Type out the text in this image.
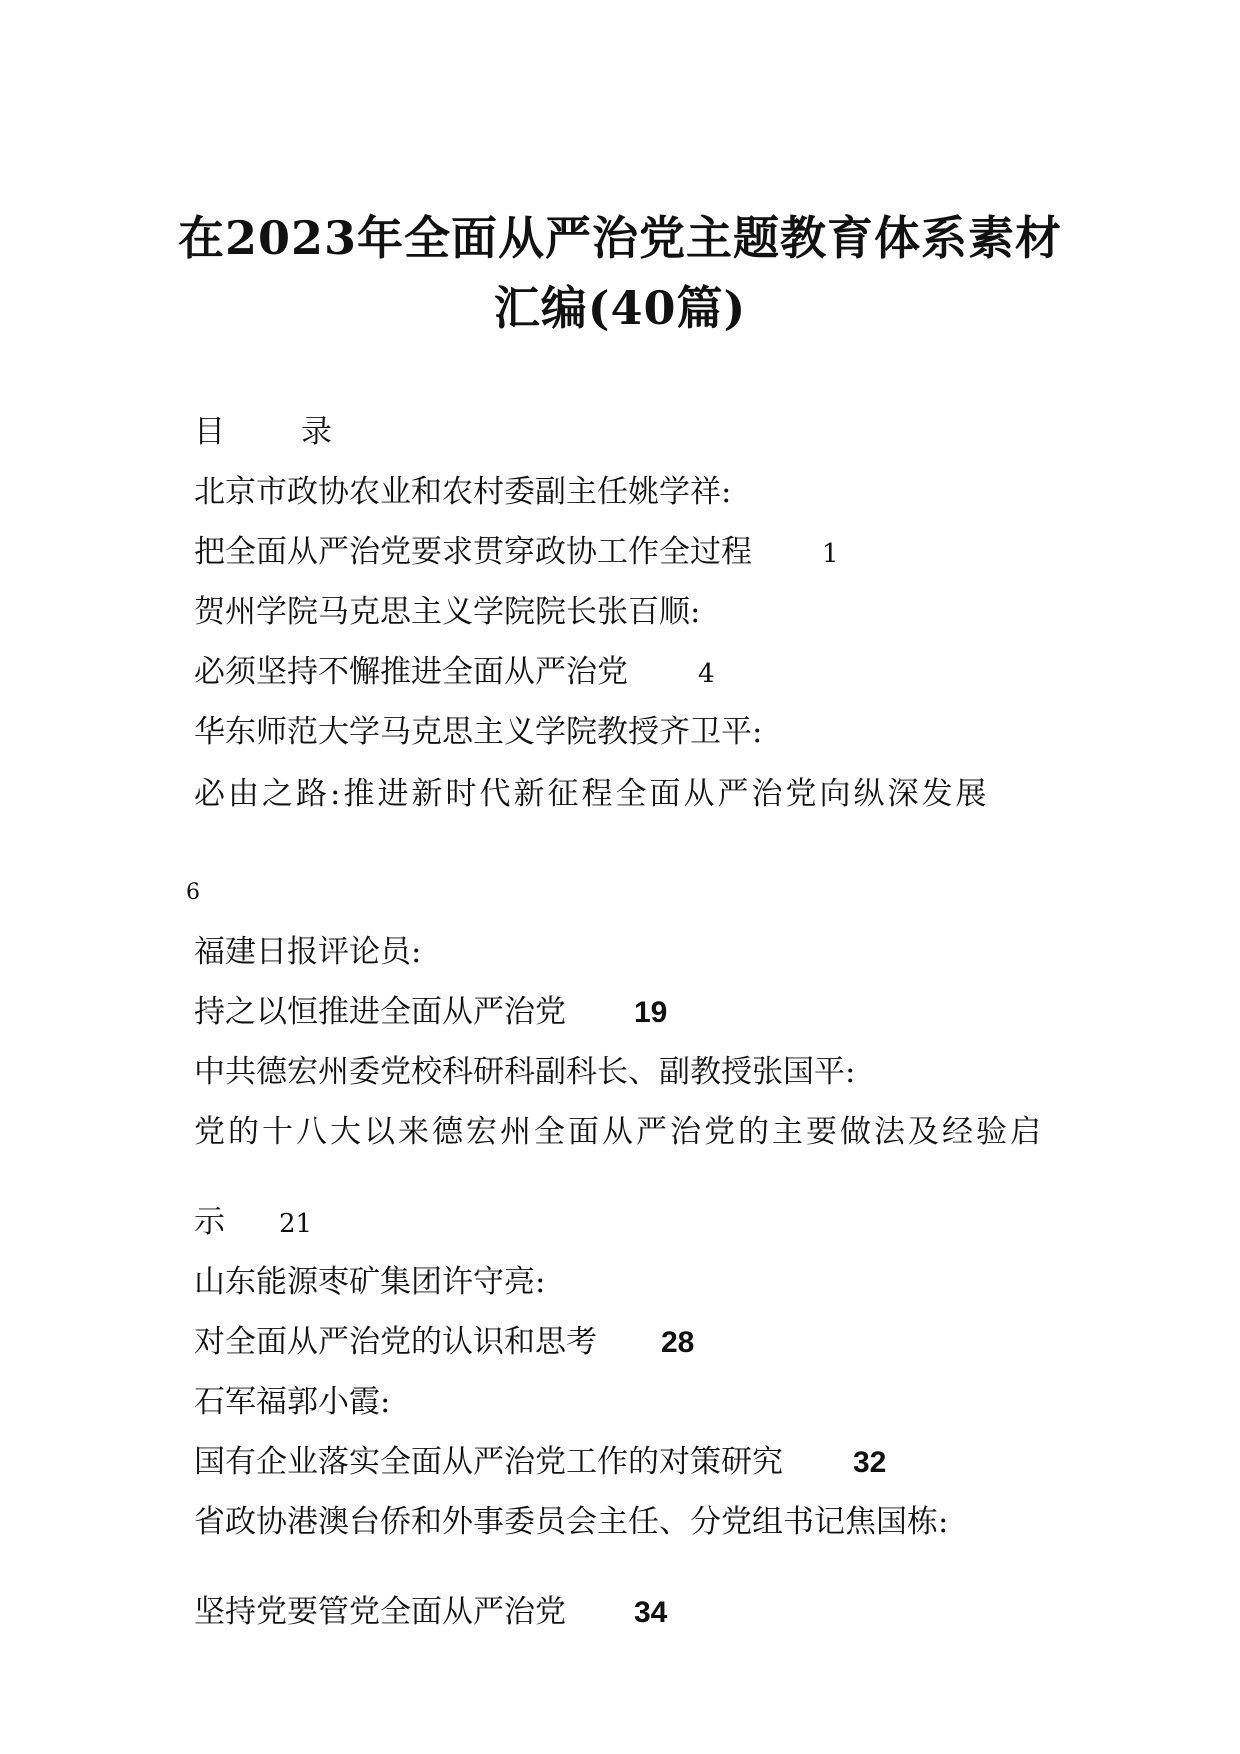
在2023年全面从严治党主题教育体系素材
汇编(40篇)
目 录
北京市政协农业和农村委副主任姚学祥:
把全面从严治党要求贯穿政协工作全过程	1
贺州学院马克思主义学院院长张百顺:
必须坚持不懈推进全面从严治党	4
华东师范大学马克思主义学院教授齐卫平:
必由之路:推进新时代新征程全面从严治党向纵深发展
6
福建日报评论员:
持之以恒推进全面从严治党 19
中共德宏州委党校科研科副科长、副教授张国平:
党的十八大以来德宏州全面从严治党的主要做法及经验启
示 21
山东能源枣矿集团许守亮:
对全面从严治党的认识和思考 28
石军福郭小霞:
国有企业落实全面从严治党工作的对策研究 32
省政协港澳台侨和外事委员会主任、分党组书记焦国栋:
坚持党要管党全面从严治党 34
